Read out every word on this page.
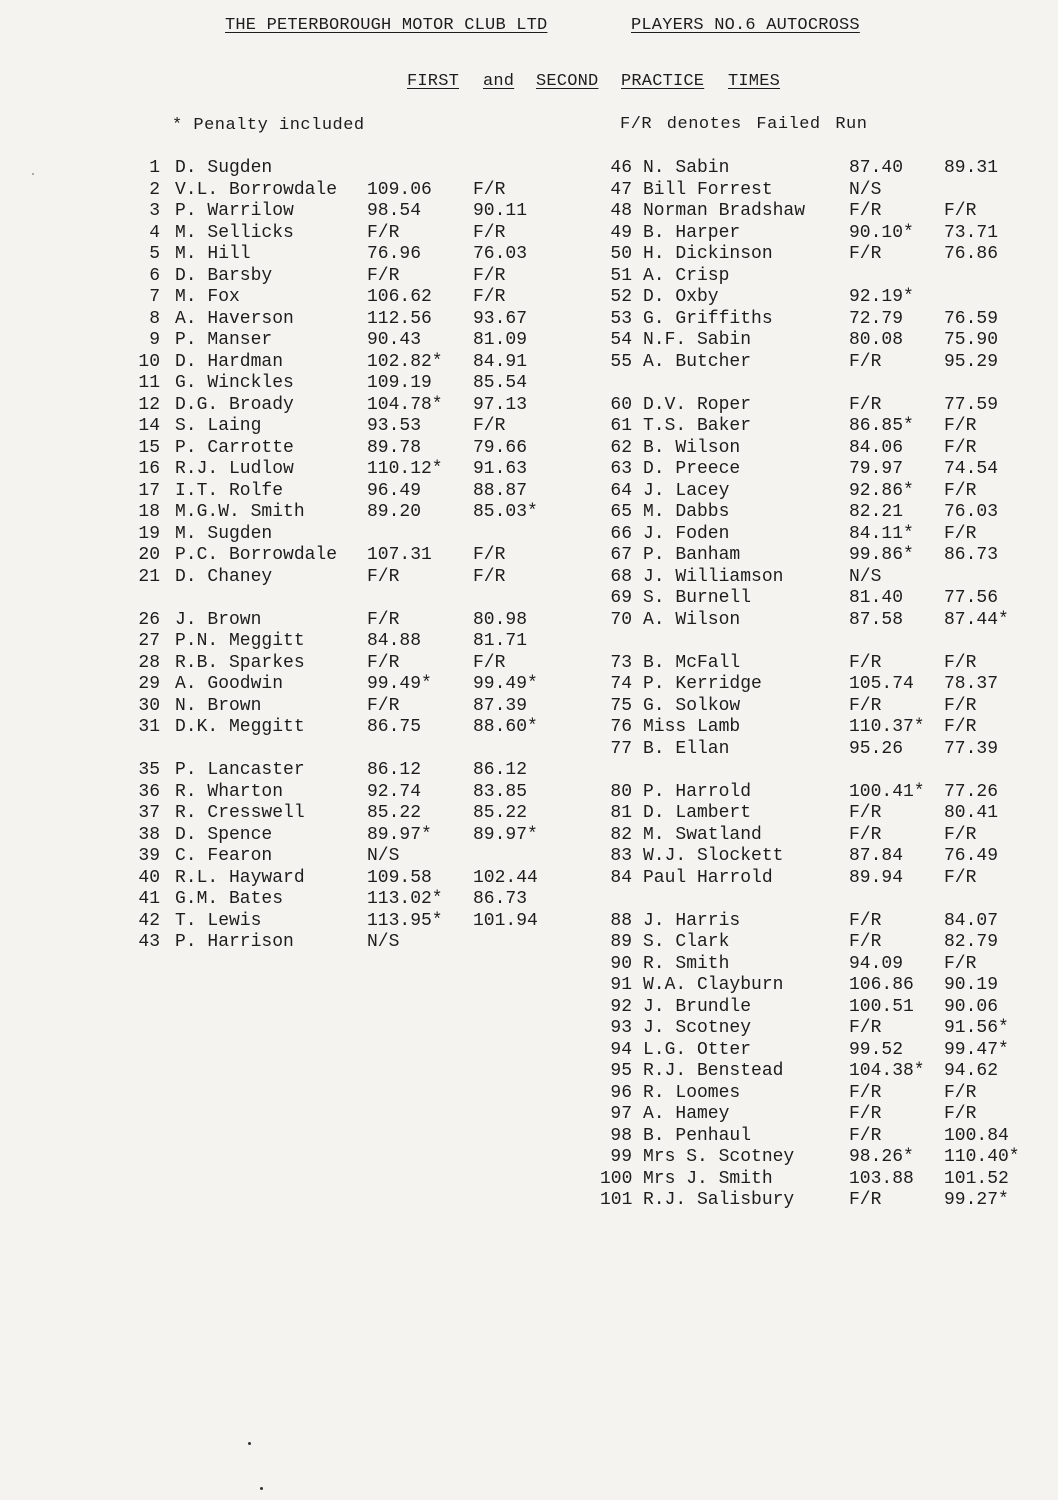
THE PETERBOROUGH MOTOR CLUB LTD	PLAYERS NO.6 AUTOCROSS
FIRST and SECOND PRACTICE TIMES
* Penalty included	F/R denotes Failed Run
1 D. Sugden
2 V.L. Borrowdale 109.06 F/R
3 P. Warrilow	98.54	90.11
4 M. Sellicks	F/R	F/R
5 M. Hill	76.96	76.03
6 D. Barsby	F/R	F/R
7 M. Fox	106.62 F/R
8 A. Haverson	112.56 93.67
9 P. Manser	90.43	81.09
10 D. Hardman	102.82* 84.91
11 G. Winckles	109.19 85.54
12 D.G. Broady	104.78* 97.13
14 S. Laing	93.53	F/R
15 P. Carrotte	89.78	79.66
16 R.J. Ludlow	110.12* 91.63
17 I.T. Rolfe	96.49	88.87
18 M.G.W. Smith	89.20	85.03*
19 M. Sugden
20 P.C. Borrowdale 107.31 F/R
21 D. Chaney	F/R	F/R
26 J. Brown	F/R	80.98
27 P.N. Meggitt	84.88	81.71
28 R.B. Sparkes	F/R	F/R
29 A. Goodwin	99.49* 99.49*
30 N. Brown	F/R	87.39
31 D.K. Meggitt	86.75	88.60*
35 P. Lancaster	86.12	86.12
36 R. Wharton	92.74	83.85
37 R. Cresswell	85.22	85.22
38 D. Spence	89.97* 89.97*
39 C. Fearon	N/S
40 R.L. Hayward	109.58 102.44
41 G.M. Bates	113.02* 86.73
42 T. Lewis	113.95* 101.94
43 P. Harrison	N/S
46 N. Sabin	87.40 89.31
47 Bill Forrest	N/S
48 Norman Bradshaw F/R	F/R
49 B. Harper	90.10* 73.71
50 H. Dickinson	F/R	76.86
51 A. Crisp
52 D. Oxby	92.19*
53 G. Griffiths	72.79 76.59
54 N.F. Sabin	80.08 75.90
55 A. Butcher	F/R	95.29
60 D.V. Roper	F/R	77.59
61 T.S. Baker	86.85* F/R
62 B. Wilson	84.06 F/R
63 D. Preece	79.97 74.54
64 J. Lacey	92.86* F/R
65 M. Dabbs	82.21 76.03
66 J. Foden	84.11* F/R
67 P. Banham	99.86* 86.73
68 J. Williamson	N/S
69 S. Burnell	81.40 77.56
70 A. Wilson	87.58 87.44*
73 B. McFall	F/R	F/R
74 P. Kerridge	105.74 78.37
75 G. Solkow	F/R	F/R
76 Miss Lamb	110.37* F/R
77 B. Ellan	95.26 77.39
80 P. Harrold	100.41* 77.26
81 D. Lambert	F/R	80.41
82 M. Swatland	F/R	F/R
83 W.J. Slockett	87.84 76.49
84 Paul Harrold	89.94 F/R
88 J. Harris	F/R	84.07
89 S. Clark	F/R	82.79
90 R. Smith	94.09 F/R
91 W.A. Clayburn	106.86 90.19
92 J. Brundle	100.51 90.06
93 J. Scotney	F/R	91.56*
94 L.G. Otter	99.52 99.47*
95 R.J. Benstead	104.38* 94.62
96 R. Loomes	F/R	F/R
97 A. Hamey	F/R	F/R
98 B. Penhaul	F/R	100.84
99 Mrs S. Scotney	98.26* 110.40*
100 Mrs J. Smith	103.88 101.52
101 R.J. Salisbury	F/R	99.27*
